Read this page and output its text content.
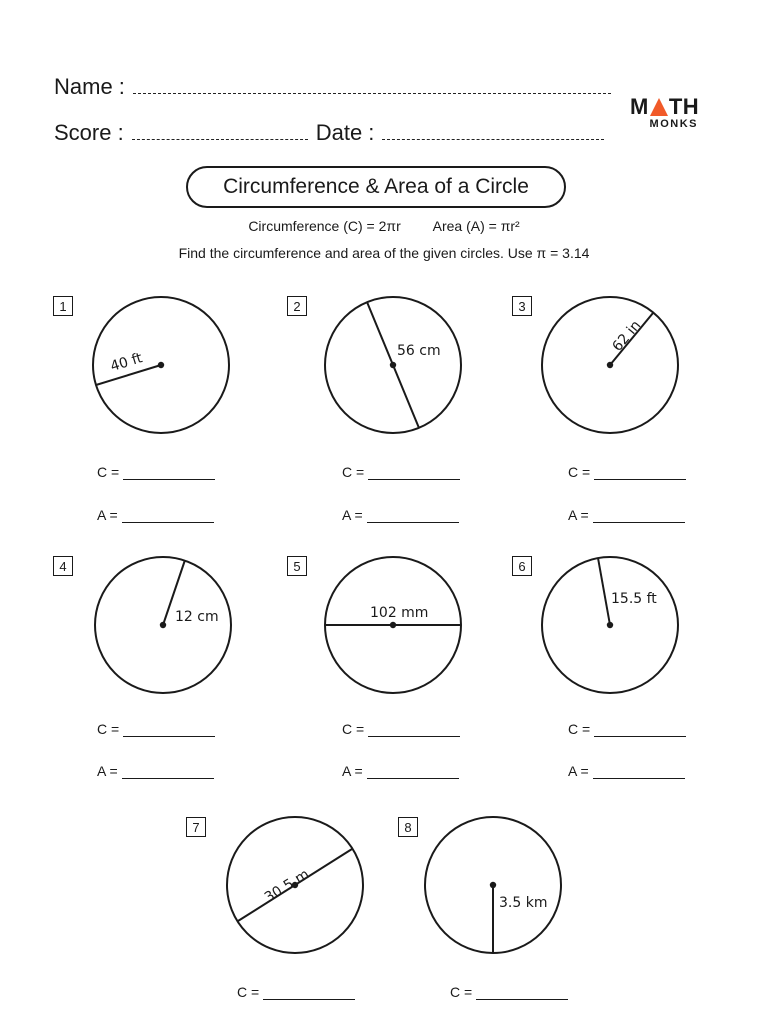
Name :
Score :	Date :
M TH
MONKS
Circumference & Area of a Circle
Circumference (C) = 2πr Area (A) = πr²
Find the circumference and area of the given circles. Use π = 3.14
40 ft	56 cm	62 in
12 cm	102 mm
15.5 ft
30.5 m	3.5 km
1	2	3
4	5	6
7	8
C =
A =
C =
A =
C =
A =
C =
A =
C =
A =
C =
A =
C =	C =
